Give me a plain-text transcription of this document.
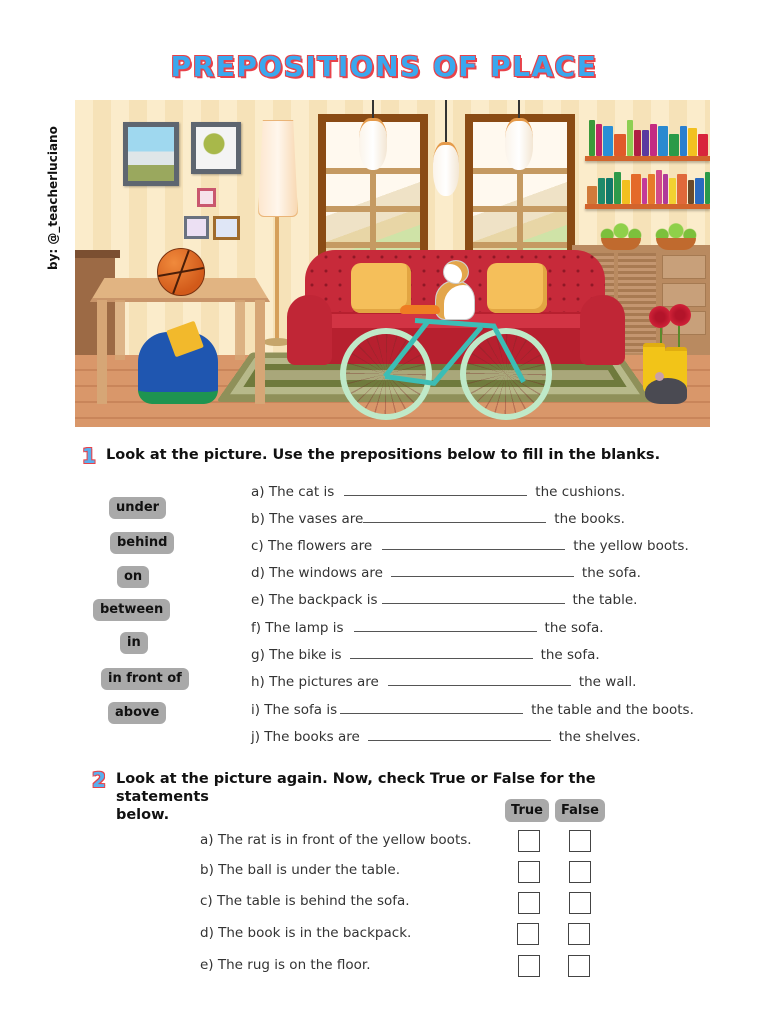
PREPOSITIONS OF PLACE
by: @_teacherluciano
1 Look at the picture. Use the prepositions below to fill in the blanks.
under
behind
on
between
in
in front of
above
a) The cat is	the cushions.
b) The vases are	the books.
c) The flowers are	the yellow boots.
d) The windows are	the sofa.
e) The backpack is	the table.
f) The lamp is	the sofa.
g) The bike is	the sofa.
h) The pictures are	the wall.
i) The sofa is	the table and the boots.
j) The books are	the shelves.
2 Look at the picture again. Now, check True or False for the statements
below.	True	False
a) The rat is in front of the yellow boots.
b) The ball is under the table.
c) The table is behind the sofa.
d) The book is in the backpack.
e) The rug is on the floor.
